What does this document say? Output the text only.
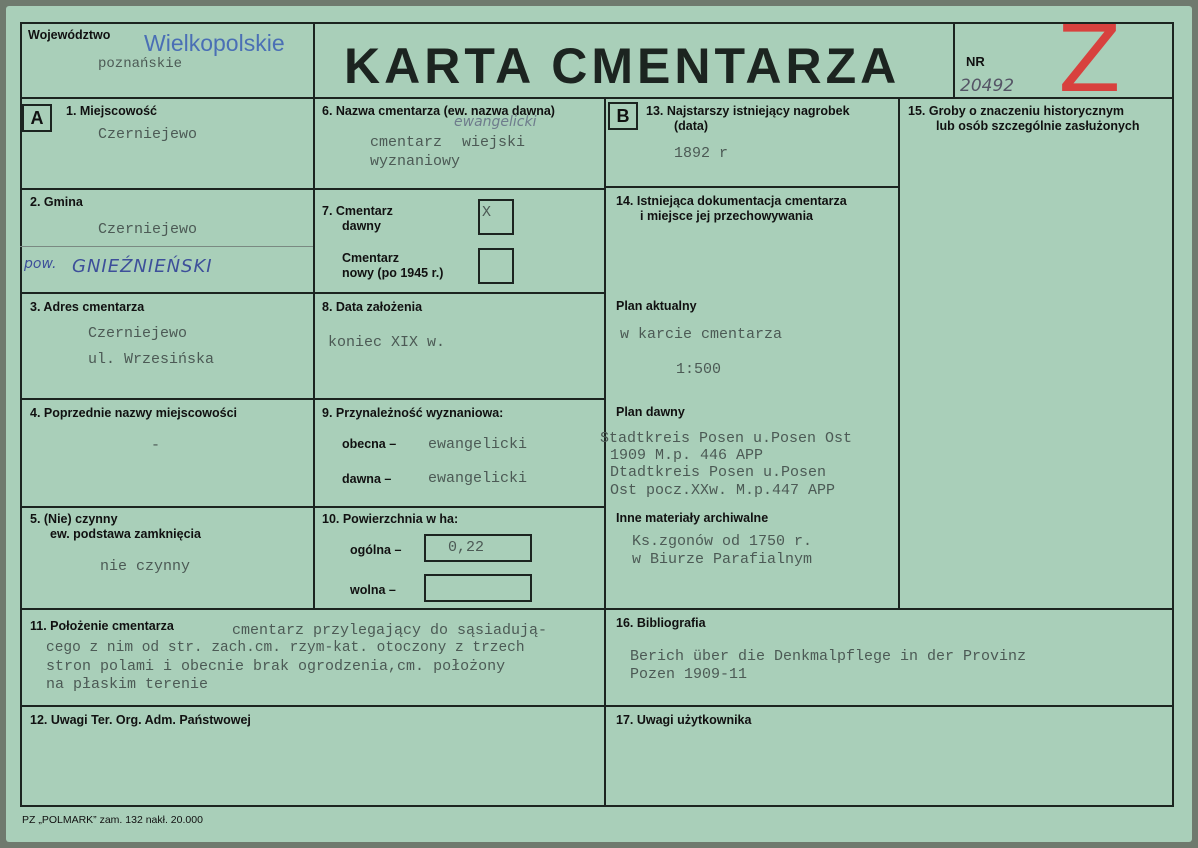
Województwo Wielkopolskie
poznańskie	KARTA CMENTARZA	NR
20492 Z
A	1. Miejscowość
Czerniejewo
2. Gmina
Czerniejewo
pow. GNIEŹNIEŃSKI
3. Adres cmentarza
Czerniejewo
ul. Wrzesińska
4. Poprzednie nazwy miejscowości
-
5. (Nie) czynny
ew. podstawa zamknięcia
nie czynny
6. Nazwa cmentarza (ew. nazwa dawna)
ewangelicki
cmentarz wiejski
wyznaniowy
7. Cmentarz
dawny
X
Cmentarz
nowy (po 1945 r.)
8. Data założenia
koniec XIX w.
9. Przynależność wyznaniowa:
obecna – ewangelicki
dawna – ewangelicki
10. Powierzchnia w ha:
ogólna –	0,22
wolna –
B	13. Najstarszy istniejący nagrobek
(data)
1892 r
14. Istniejąca dokumentacja cmentarza
i miejsce jej przechowywania
Plan aktualny
w karcie cmentarza
1:500
Plan dawny
Stadtkreis Posen u.Posen Ost
1909 M.p. 446 APP
Dtadtkreis Posen u.Posen
Ost pocz.XXw. M.p.447 APP
Inne materiały archiwalne
Ks.zgonów od 1750 r.
w Biurze Parafialnym
15. Groby o znaczeniu historycznym
lub osób szczególnie zasłużonych
11. Położenie cmentarza	cmentarz przylegający do sąsiadują-
cego z nim od str. zach.cm. rzym-kat. otoczony z trzech
stron polami i obecnie brak ogrodzenia,cm. położony
na płaskim terenie
16. Bibliografia
Berich über die Denkmalpflege in der Provinz
Pozen 1909-11
12. Uwagi Ter. Org. Adm. Państwowej	17. Uwagi użytkownika
PZ „POLMARK” zam. 132 nakł. 20.000
